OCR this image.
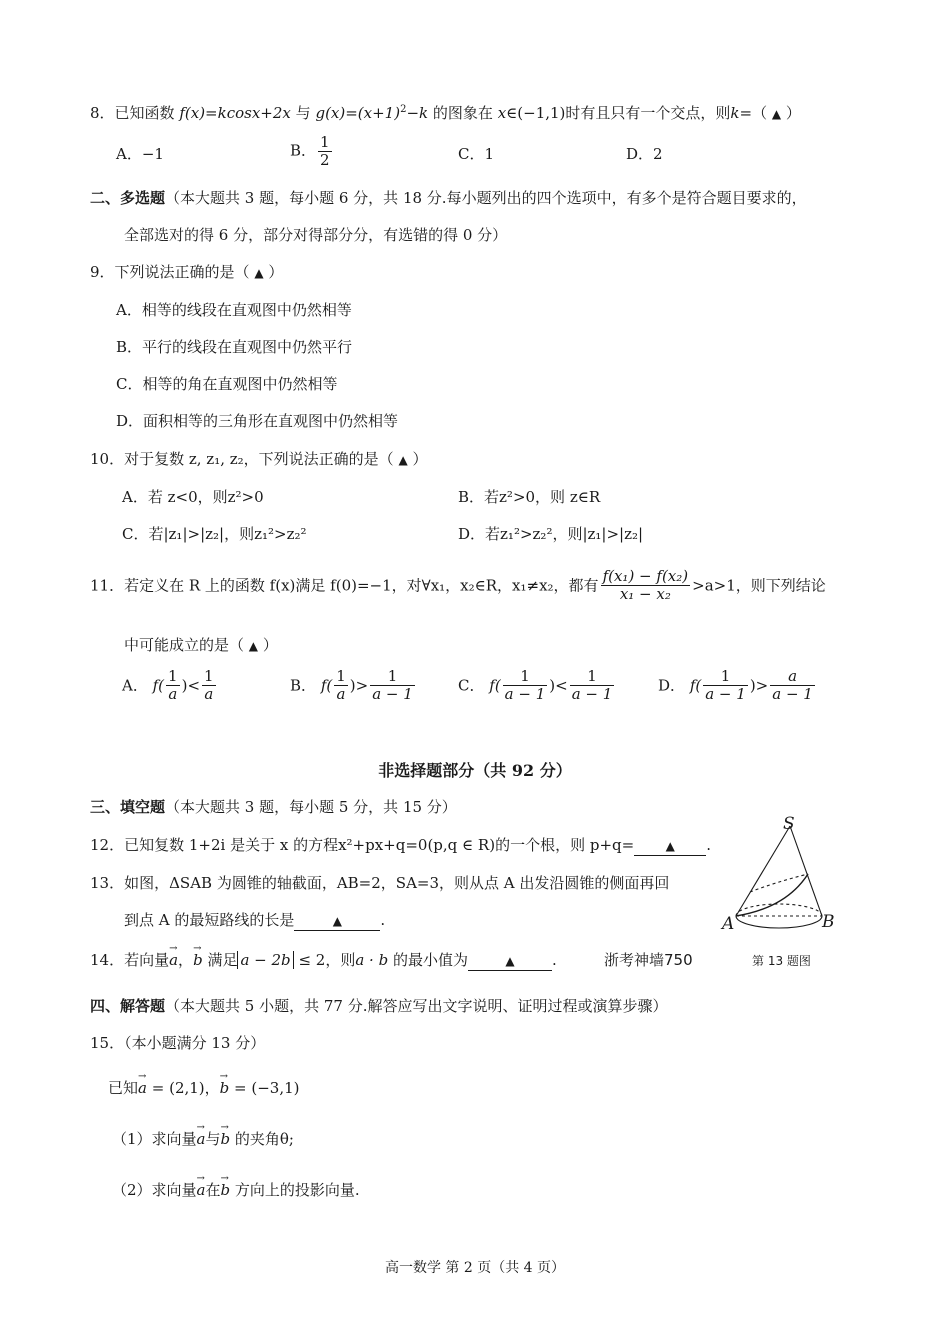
8．已知函数 f(x)=kcosx+2x 与 $g(x)=(x+1)^2-k$ 的图象在 x∈(−1,1)时有且只有一个交点，则k=（ ▲ ）
A．−1	B． $\frac{1}{2}$	C．1	D．2
二、多选题（本大题共 3 题，每小题 6 分，共 18 分.每小题列出的四个选项中，有多个是符合题目要求的，
全部选对的得 6 分，部分对得部分分，有选错的得 0 分）
9．下列说法正确的是（ ▲ ）
A．相等的线段在直观图中仍然相等
B．平行的线段在直观图中仍然平行
C．相等的角在直观图中仍然相等
D．面积相等的三角形在直观图中仍然相等
10．对于复数 z, z₁, z₂，下列说法正确的是（ ▲ ）
A．若 z<0，则z²>0	B．若z²>0，则 z∈R
C．若|z₁|>|z₂|，则z₁²>z₂²	D．若z₁²>z₂²，则|z₁|>|z₂|
11．若定义在 R 上的函数 f(x)满足 f(0)=−1，对∀x₁，x₂∈R，x₁≠x₂，都有 $\frac{\text{f(x₁) − f(x₂)}}{\text{x₁ − x₂}} >a>1$，则下列结论
中可能成立的是（ ▲ ）
A． $f( \frac{1}{a}$ )< $\frac{1}{a}$	B． $f( \frac{1}{a}$ )> $\frac{1}{a - 1}$	C． $f( \frac{1}{a - 1}$ )< $\frac{1}{a - 1}$	D． $f( \frac{1}{a - 1}$ )> $\frac{a}{a - 1}$
非选择题部分（共 92 分）
三、填空题（本大题共 3 题，每小题 5 分，共 15 分）
12．已知复数 1+2i 是关于 x 的方程x²+px+q=0(p,q ∈ R)的一个根，则 p+q=	▲ .
13．如图，ΔSAB 为圆锥的轴截面，AB=2，SA=3，则从点 A 出发沿圆锥的侧面再回
到点 A 的最短路线的长是	▲	.
14．若向量→ a，→ b 满足 a − 2b ≤ 2，则a · b 的最小值为	▲ .	浙考神墙750
S
A	B
第 13 题图
四、解答题（本大题共 5 小题，共 77 分.解答应写出文字说明、证明过程或演算步骤）
15．（本小题满分 13 分）
已知→ a = (2,1)，→ b = (−3,1)
（1）求向量→ a与→ b 的夹角θ;
（2）求向量→ a在→ b 方向上的投影向量.
高一数学 第 2 页（共 4 页）
